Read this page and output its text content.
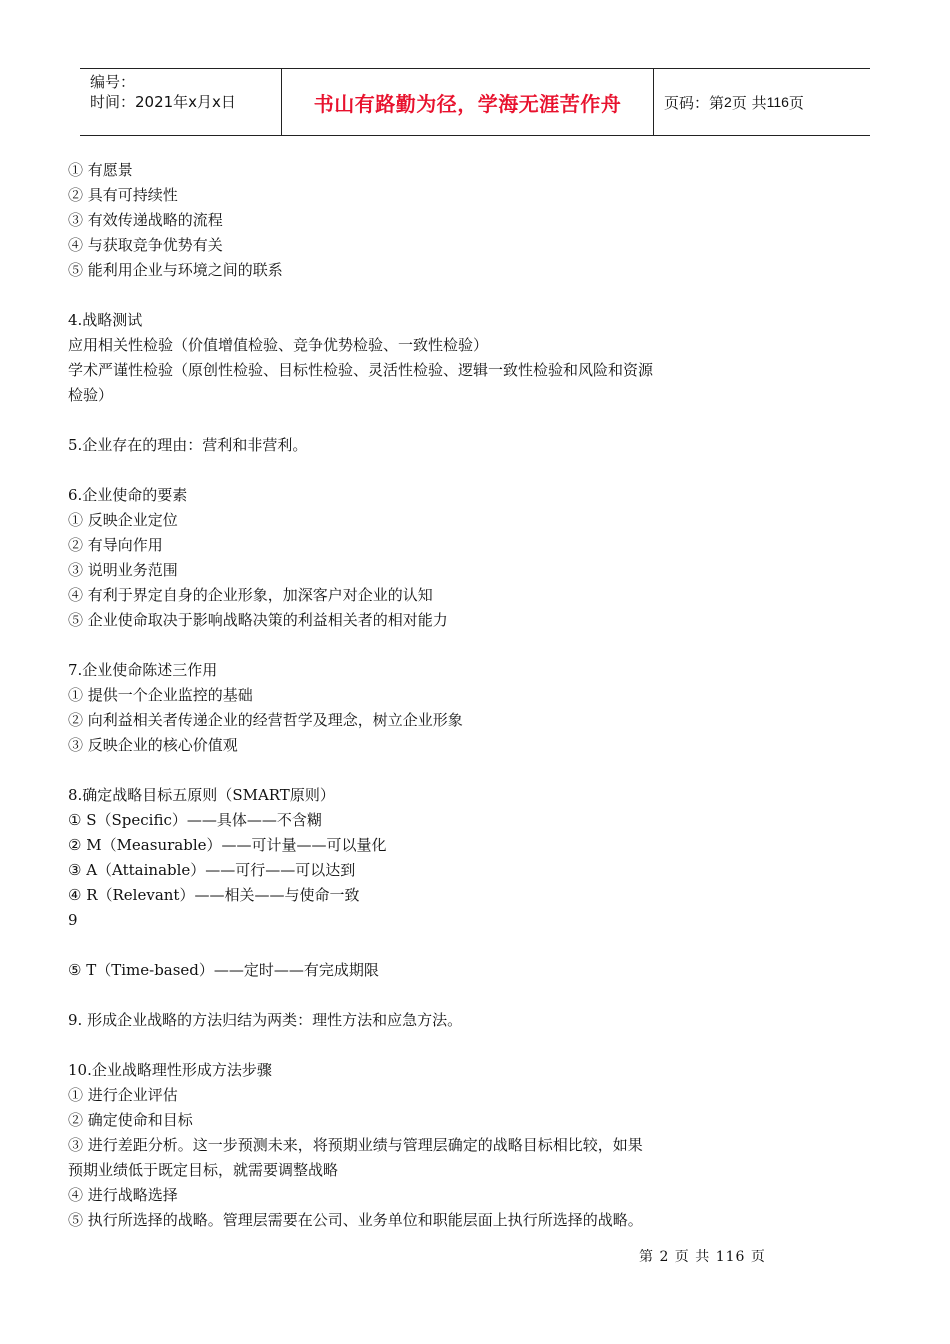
编号：
时间：2021年x月x日	书山有路勤为径，学海无涯苦作舟	页码：第 2 页 共 116 页
① 有愿景
② 具有可持续性
③ 有效传递战略的流程
④ 与获取竞争优势有关
⑤ 能利用企业与环境之间的联系
4.战略测试
应用相关性检验（价值增值检验、竞争优势检验、一致性检验）
学术严谨性检验（原创性检验、目标性检验、灵活性检验、逻辑一致性检验和风险和资源
检验）
5.企业存在的理由：营利和非营利。
6.企业使命的要素
① 反映企业定位
② 有导向作用
③ 说明业务范围
④ 有利于界定自身的企业形象，加深客户对企业的认知
⑤ 企业使命取决于影响战略决策的利益相关者的相对能力
7.企业使命陈述三作用
① 提供一个企业监控的基础
② 向利益相关者传递企业的经营哲学及理念，树立企业形象
③ 反映企业的核心价值观
8.确定战略目标五原则（SMART原则）
① S（Specific）——具体——不含糊
② M（Measurable）——可计量——可以量化
③ A（Attainable）——可行——可以达到
④ R（Relevant）——相关——与使命一致
9
⑤ T（Time-based）——定时——有完成期限
9. 形成企业战略的方法归结为两类：理性方法和应急方法。
10.企业战略理性形成方法步骤
① 进行企业评估
② 确定使命和目标
③ 进行差距分析。这一步预测未来，将预期业绩与管理层确定的战略目标相比较，如果
预期业绩低于既定目标，就需要调整战略
④ 进行战略选择
⑤ 执行所选择的战略。管理层需要在公司、业务单位和职能层面上执行所选择的战略。
第 2 页 共 116 页
